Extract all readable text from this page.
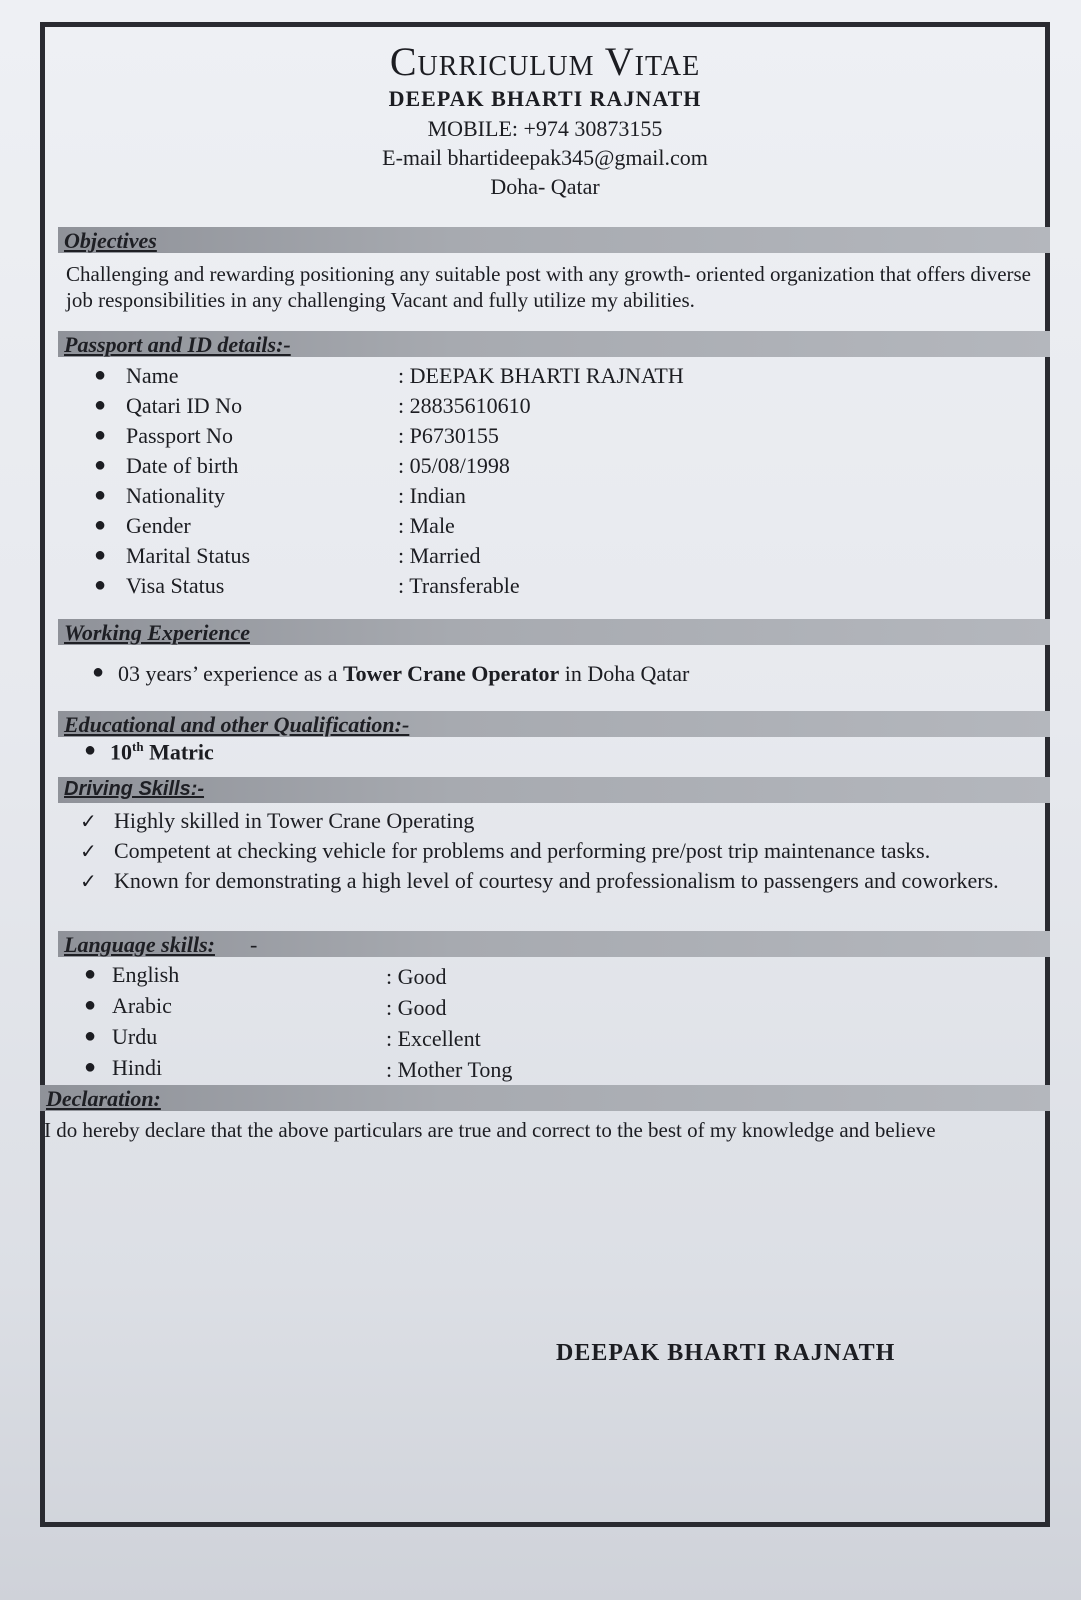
Curriculum Vitae
DEEPAK BHARTI RAJNATH
MOBILE: +974 30873155
E-mail bhartideepak345@gmail.com
Doha- Qatar
Objectives
Challenging and rewarding positioning any suitable post with any growth- oriented organization that offers diverse job responsibilities in any challenging Vacant and fully utilize my abilities.
Passport and ID details:-
● Name	: DEEPAK BHARTI RAJNATH
● Qatari ID No	: 28835610610
● Passport No	: P6730155
● Date of birth	: 05/08/1998
● Nationality	: Indian
● Gender	: Male
● Marital Status	: Married
● Visa Status	: Transferable
Working Experience
● 03 years’ experience as a Tower Crane Operator in Doha Qatar
Educational and other Qualification:-
● 10th Matric
Driving Skills:-
✓ Highly skilled in Tower Crane Operating
✓ Competent at checking vehicle for problems and performing pre/post trip maintenance tasks.
✓ Known for demonstrating a high level of courtesy and professionalism to passengers and coworkers.
Language skills: -
● English	: Good
● Arabic	: Good
● Urdu	: Excellent
● Hindi	: Mother Tong
Declaration:
I do hereby declare that the above particulars are true and correct to the best of my knowledge and believe
DEEPAK BHARTI RAJNATH
